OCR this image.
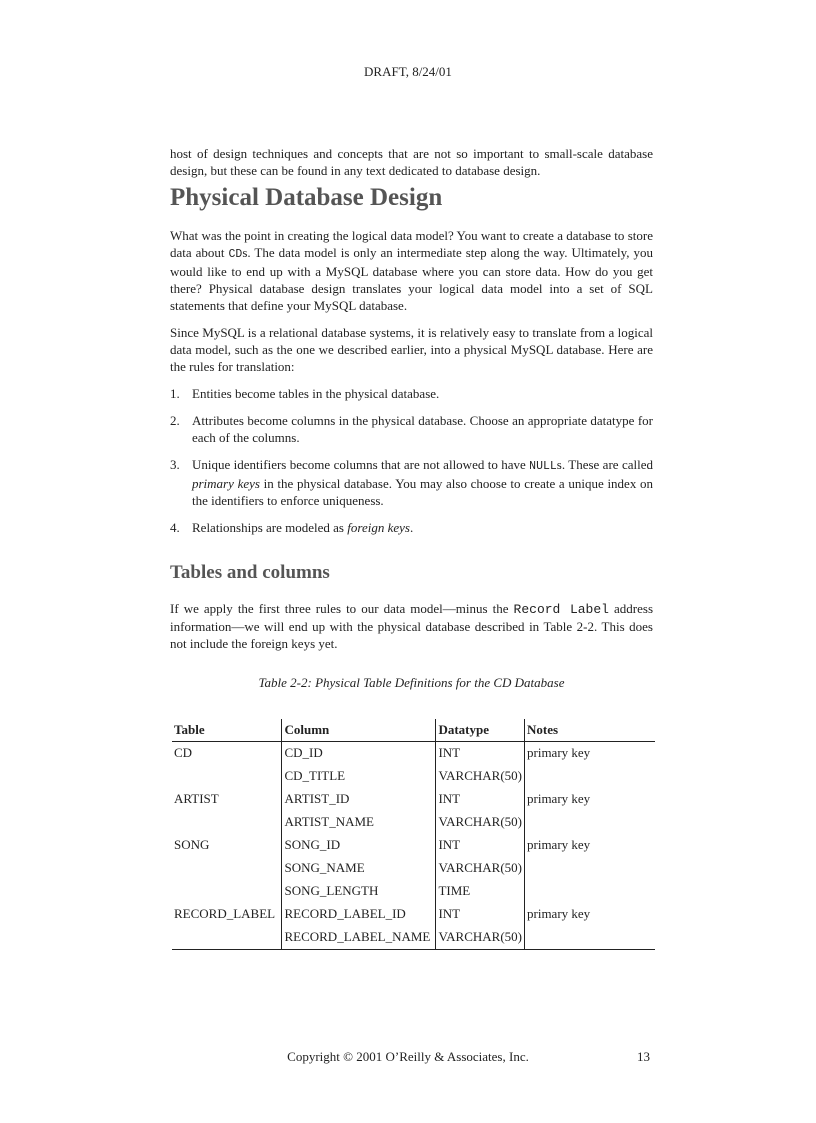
DRAFT, 8/24/01

host of design techniques and concepts that are not so important to small-scale database design, but these can be found in any text dedicated to database design.

Physical Database Design

What was the point in creating the logical data model? You want to create a database to store data about CDs. The data model is only an intermediate step along the way. Ultimately, you would like to end up with a MySQL database where you can store data. How do you get there? Physical database design translates your logical data model into a set of SQL statements that define your MySQL database.

Since MySQL is a relational database systems, it is relatively easy to translate from a logical data model, such as the one we described earlier, into a physical MySQL database. Here are the rules for translation:

1. Entities become tables in the physical database.
2. Attributes become columns in the physical database. Choose an appropriate datatype for each of the columns.
3. Unique identifiers become columns that are not allowed to have NULLs. These are called primary keys in the physical database. You may also choose to create a unique index on the identifiers to enforce uniqueness.
4. Relationships are modeled as foreign keys.
Tables and columns

If we apply the first three rules to our data model—minus the Record Label address information—we will end up with the physical database described in Table 2-2. This does not include the foreign keys yet.

Table 2-2: Physical Table Definitions for the CD Database
Table	Column	Datatype	Notes
CD	CD_ID	INT	primary key
	CD_TITLE	VARCHAR(50)	
ARTIST	ARTIST_ID	INT	primary key
	ARTIST_NAME	VARCHAR(50)	
SONG	SONG_ID	INT	primary key
	SONG_NAME	VARCHAR(50)	
	SONG_LENGTH	TIME	
RECORD_LABEL	RECORD_LABEL_ID	INT	primary key
	RECORD_LABEL_NAME	VARCHAR(50)	
Copyright © 2001 O’Reilly & Associates, Inc.	13
